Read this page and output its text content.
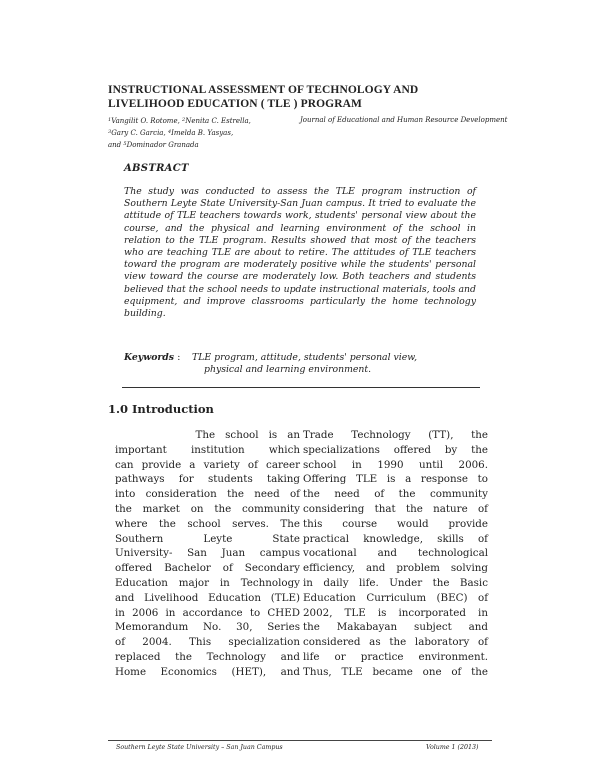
INSTRUCTIONAL ASSESSMENT OF TECHNOLOGY AND
LIVELIHOOD EDUCATION ( TLE ) PROGRAM
$^1$Vangilit O. Rotome, $^2$Nenita C. Estrella,
$^3$Gary C. Garcia, $^4$Imelda B. Yasyas,
and $^5$Dominador Granada
Journal of Educational and Human Resource Development
ABSTRACT

The study was conducted to assess the TLE program instruction of Southern Leyte State University-San Juan campus. It tried to evaluate the attitude of TLE teachers towards work, students' personal view about the course, and the physical and learning environment of the school in relation to the TLE program. Results showed that most of the teachers who are teaching TLE are about to retire. The attitudes of TLE teachers toward the program are moderately positive while the students' personal view toward the course are moderately low. Both teachers and students believed that the school needs to update instructional materials, tools and equipment, and improve classrooms particularly the home technology building.

Keywords : TLE program, attitude, students' personal view,
physical and learning environment.
1.0 Introduction
The school is an
important institution which
can provide a variety of career
pathways for students taking
into consideration the need of
the market on the community
where the school serves. The
Southern Leyte State
University- San Juan campus
offered Bachelor of Secondary
Education major in Technology
and Livelihood Education (TLE)
in 2006 in accordance to CHED
Memorandum No. 30, Series
of 2004. This specialization
replaced the Technology and
Home Economics (HET), and
Trade Technology (TT), the
specializations offered by the
school in 1990 until 2006.
Offering TLE is a response to
the need of the community
considering that the nature of
this course would provide
practical knowledge, skills of
vocational and technological
efficiency, and problem solving
in daily life. Under the Basic
Education Curriculum (BEC) of
2002, TLE is incorporated in
the Makabayan subject and
considered as the laboratory of
life or practice environment.
Thus, TLE became one of the
Southern Leyte State University – San Juan Campus	Volume 1 (2013)
